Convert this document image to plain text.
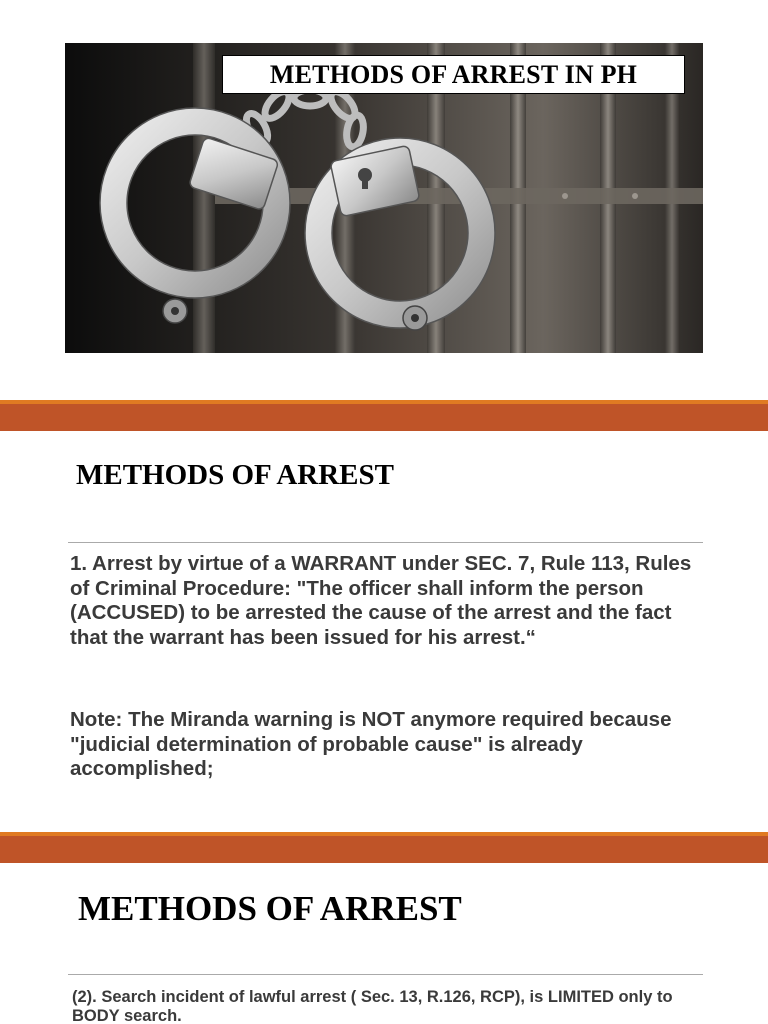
METHODS OF ARREST IN PH
METHODS OF ARREST

1. Arrest by virtue of a WARRANT under SEC. 7, Rule 113, Rules of Criminal Procedure: "The officer shall inform the person (ACCUSED) to be arrested the cause of the arrest and the fact that the warrant has been issued for his arrest.“

Note: The Miranda warning is NOT anymore required because "judicial determination of probable cause" is already accomplished;

METHODS OF ARREST

(2). Search incident of lawful arrest ( Sec. 13, R.126, RCP), is LIMITED only to BODY search.
